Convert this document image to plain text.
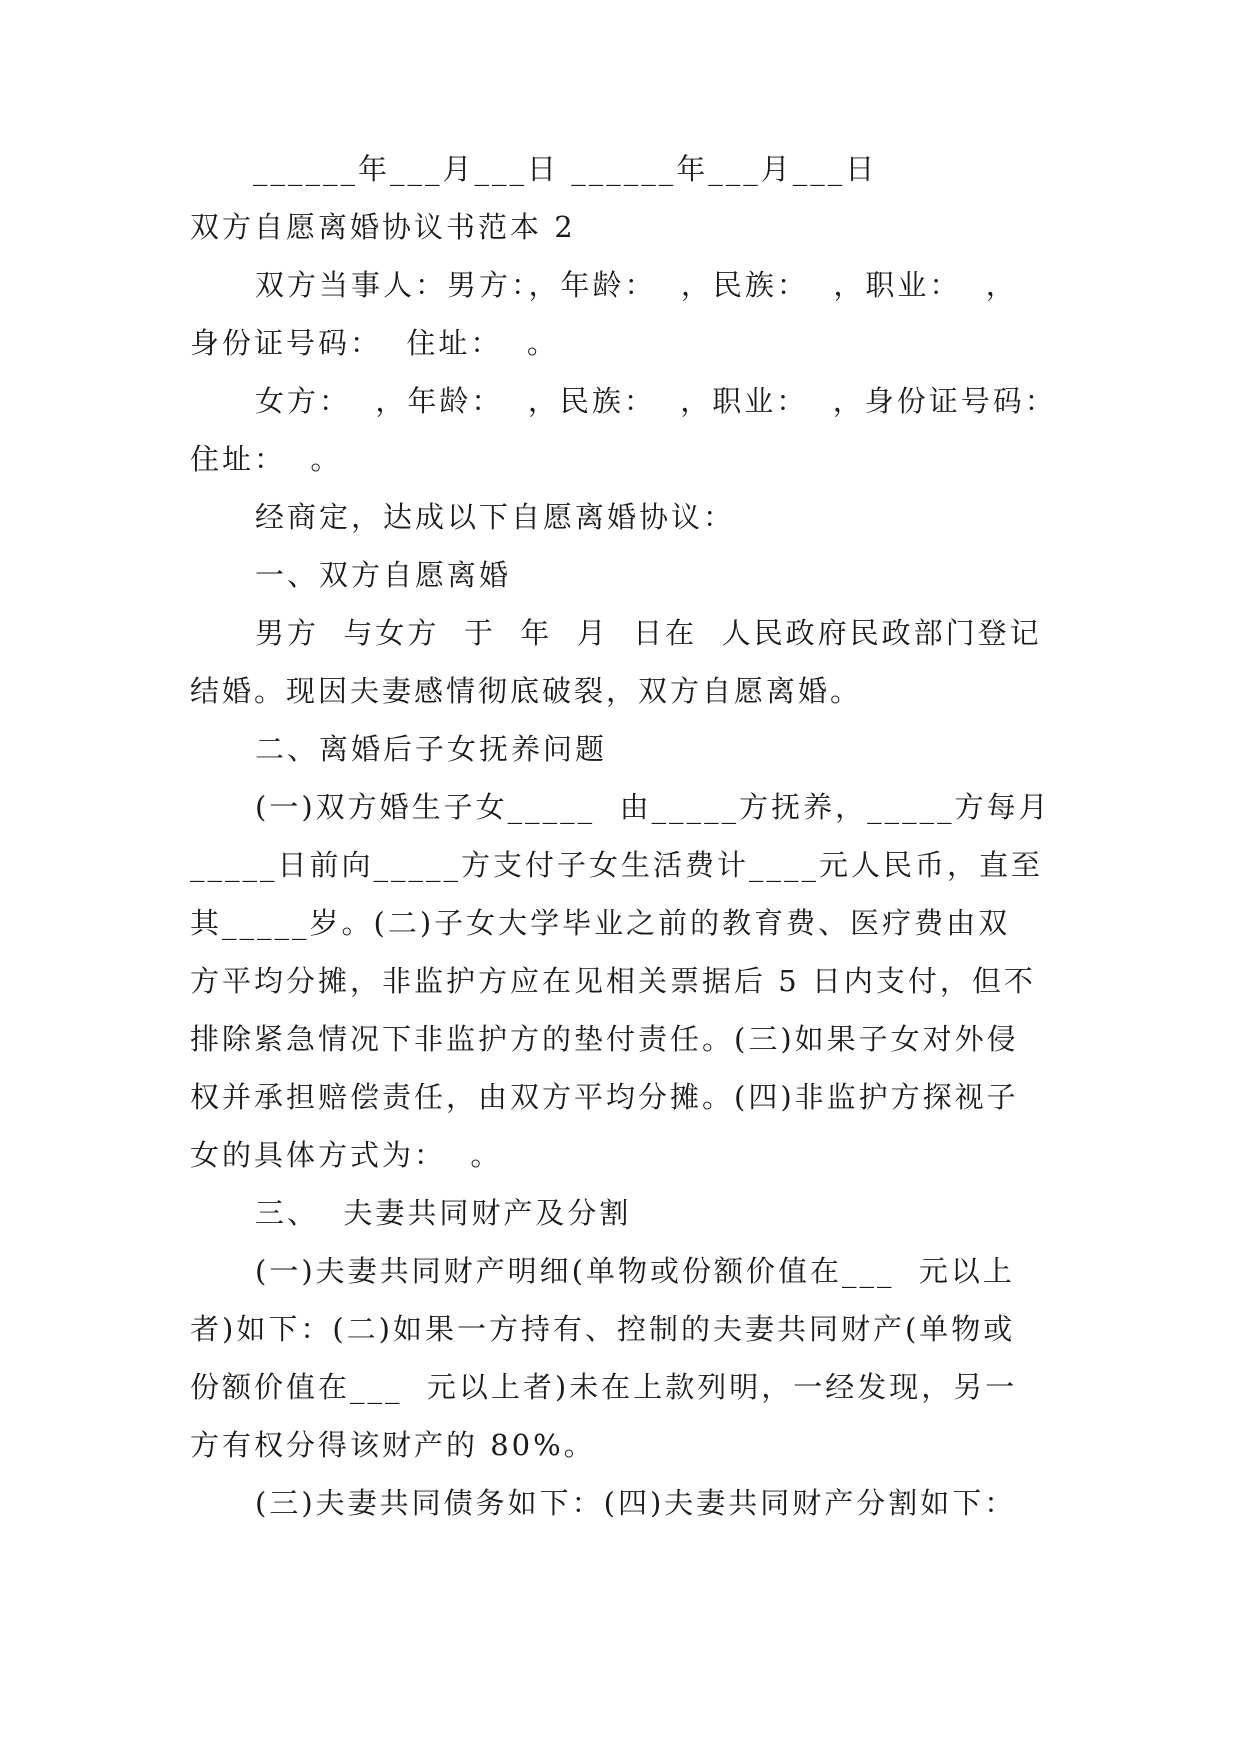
______年___月___日 ______年___月___日
双方自愿离婚协议书范本 2
双方当事人：男方：，年龄：  ，民族：  ，职业：  ，
身份证号码：  住址：  。
女方：  ，年龄：  ，民族：  ，职业：  ，身份证号码：
住址：  。
经商定，达成以下自愿离婚协议：
一、双方自愿离婚
男方  与女方  于  年  月  日在  人民政府民政部门登记
结婚。现因夫妻感情彻底破裂，双方自愿离婚。
二、离婚后子女抚养问题
(一)双方婚生子女_____  由_____方抚养，_____方每月
_____日前向_____方支付子女生活费计____元人民币，直至
其_____岁。(二)子女大学毕业之前的教育费、医疗费由双
方平均分摊，非监护方应在见相关票据后 5 日内支付，但不
排除紧急情况下非监护方的垫付责任。(三)如果子女对外侵
权并承担赔偿责任，由双方平均分摊。(四)非监护方探视子
女的具体方式为：  。
三、  夫妻共同财产及分割
(一)夫妻共同财产明细(单物或份额价值在___  元以上
者)如下：(二)如果一方持有、控制的夫妻共同财产(单物或
份额价值在___  元以上者)未在上款列明，一经发现，另一
方有权分得该财产的 80%。
(三)夫妻共同债务如下：(四)夫妻共同财产分割如下：
